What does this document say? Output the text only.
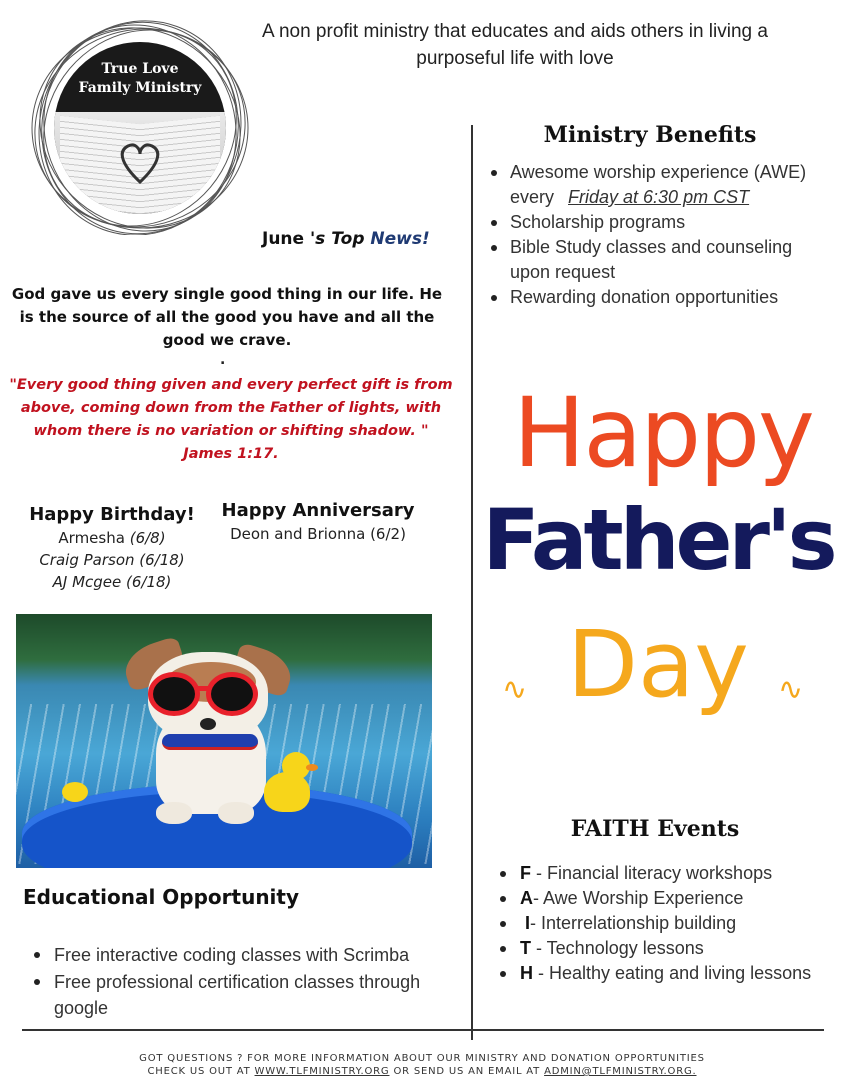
True Love
Family Ministry
A non profit ministry that educates and aids others in living a purposeful life with love
June 's Top News!
God gave us every single good thing in our life. He is the source of all the good you have and all the good we crave.
.
"Every good thing given and every perfect gift is from above, coming down from the Father of lights, with whom there is no variation or shifting shadow. " James 1:17.
Happy Birthday!
Armesha (6/8)
Craig Parson (6/18)
AJ Mcgee (6/18)
Happy Anniversary
Deon and Brionna (6/2)
Educational Opportunity
Free interactive coding classes with Scrimba
Free professional certification classes through google
Ministry Benefits
Awesome worship experience (AWE) every Friday at 6:30 pm CST
Scholarship programs
Bible Study classes and counseling upon request
Rewarding donation opportunities
Happy
Father's
Day
∿	∿
FAITH Events
F - Financial literacy workshops
A- Awe Worship Experience
I- Interrelationship building
T - Technology lessons
H - Healthy eating and living lessons
GOT QUESTIONS ? FOR MORE INFORMATION ABOUT OUR MINISTRY AND DONATION OPPORTUNITIES
CHECK US OUT AT WWW.TLFMINISTRY.ORG OR SEND US AN EMAIL AT ADMIN@TLFMINISTRY.ORG.
